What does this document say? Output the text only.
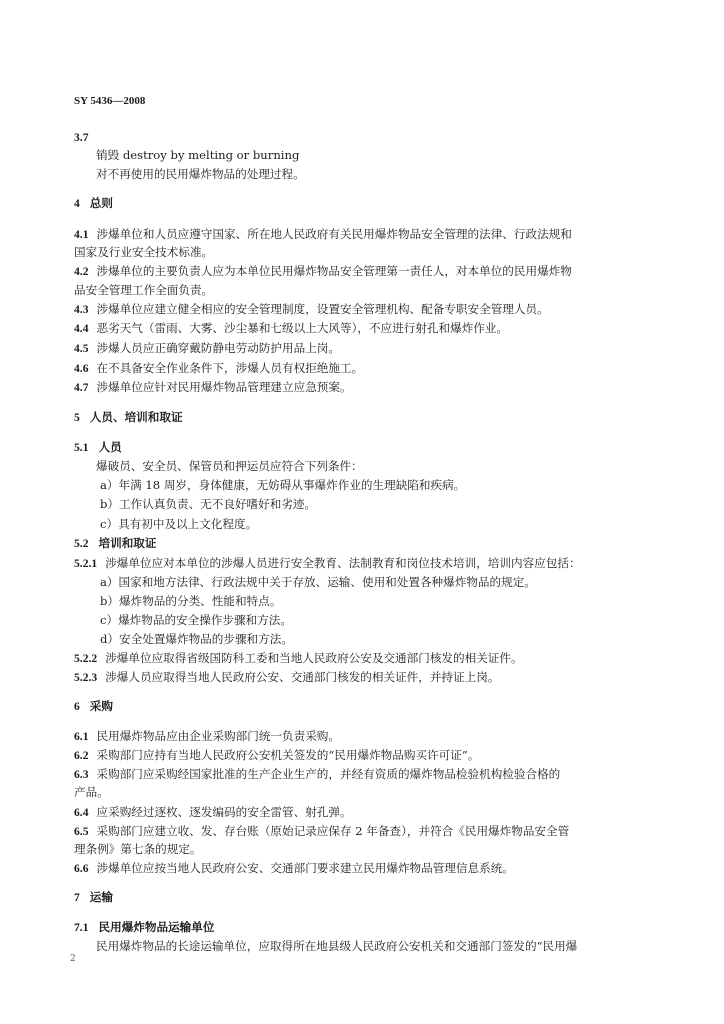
SY 5436—2008
3.7
销毁 destroy by melting or burning
对不再使用的民用爆炸物品的处理过程。
4 总则
4.1 涉爆单位和人员应遵守国家、所在地人民政府有关民用爆炸物品安全管理的法律、行政法规和
国家及行业安全技术标准。
4.2 涉爆单位的主要负责人应为本单位民用爆炸物品安全管理第一责任人，对本单位的民用爆炸物
品安全管理工作全面负责。
4.3 涉爆单位应建立健全相应的安全管理制度，设置安全管理机构、配备专职安全管理人员。
4.4 恶劣天气（雷雨、大雾、沙尘暴和七级以上大风等），不应进行射孔和爆炸作业。
4.5 涉爆人员应正确穿戴防静电劳动防护用品上岗。
4.6 在不具备安全作业条件下，涉爆人员有权拒绝施工。
4.7 涉爆单位应针对民用爆炸物品管理建立应急预案。
5 人员、培训和取证
5.1 人员
爆破员、安全员、保管员和押运员应符合下列条件：
a）年满 18 周岁，身体健康，无妨碍从事爆炸作业的生理缺陷和疾病。
b）工作认真负责、无不良好嗜好和劣迹。
c）具有初中及以上文化程度。
5.2 培训和取证
5.2.1 涉爆单位应对本单位的涉爆人员进行安全教育、法制教育和岗位技术培训，培训内容应包括：
a）国家和地方法律、行政法规中关于存放、运输、使用和处置各种爆炸物品的规定。
b）爆炸物品的分类、性能和特点。
c）爆炸物品的安全操作步骤和方法。
d）安全处置爆炸物品的步骤和方法。
5.2.2 涉爆单位应取得省级国防科工委和当地人民政府公安及交通部门核发的相关证件。
5.2.3 涉爆人员应取得当地人民政府公安、交通部门核发的相关证件，并持证上岗。
6 采购
6.1 民用爆炸物品应由企业采购部门统一负责采购。
6.2 采购部门应持有当地人民政府公安机关签发的“民用爆炸物品购买许可证”。
6.3 采购部门应采购经国家批准的生产企业生产的，并经有资质的爆炸物品检验机构检验合格的
产品。
6.4 应采购经过逐枚、逐发编码的安全雷管、射孔弹。
6.5 采购部门应建立收、发、存台账（原始记录应保存 2 年备查），并符合《民用爆炸物品安全管
理条例》第七条的规定。
6.6 涉爆单位应按当地人民政府公安、交通部门要求建立民用爆炸物品管理信息系统。
7 运输
7.1 民用爆炸物品运输单位
民用爆炸物品的长途运输单位，应取得所在地县级人民政府公安机关和交通部门签发的“民用爆
2
